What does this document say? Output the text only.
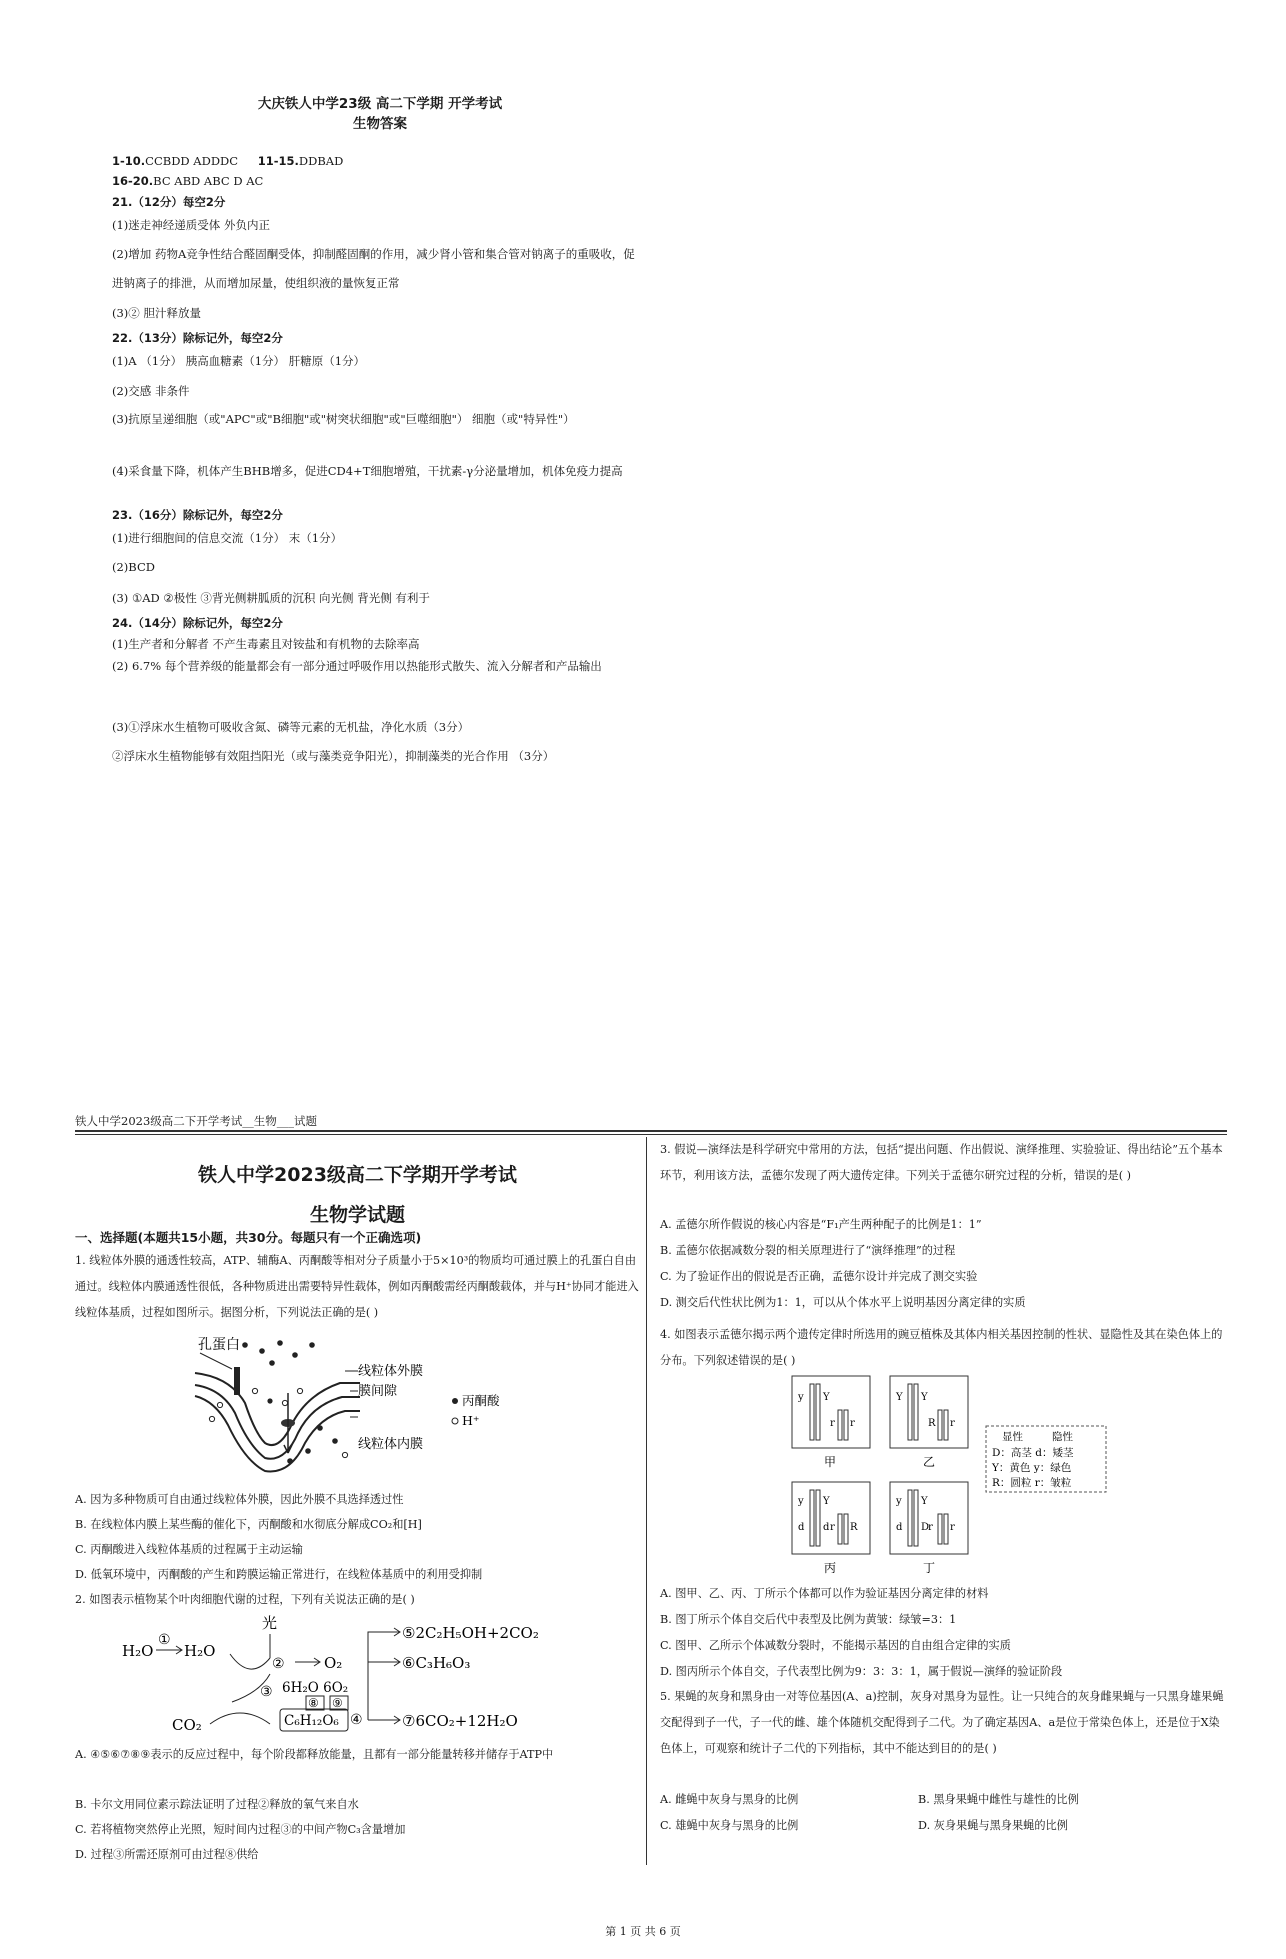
大庆铁人中学23级 高二下学期 开学考试
生物答案
1-10.CCBDD ADDDC 11-15.DDBAD
16-20.BC ABD ABC D AC
21.（12分）每空2分
(1)迷走神经递质受体 外负内正
(2)增加 药物A竞争性结合醛固酮受体，抑制醛固酮的作用，减少肾小管和集合管对钠离子的重吸收，促进钠离子的排泄，从而增加尿量，使组织液的量恢复正常
(3)② 胆汁释放量
22.（13分）除标记外，每空2分
(1)A （1分） 胰高血糖素（1分） 肝糖原（1分）
(2)交感 非条件
(3)抗原呈递细胞（或"APC"或"B细胞"或"树突状细胞"或"巨噬细胞"） 细胞（或"特异性"）
(4)采食量下降，机体产生BHB增多，促进CD4+T细胞增殖，干扰素-γ分泌量增加，机体免疫力提高
23.（16分）除标记外，每空2分
(1)进行细胞间的信息交流（1分） 末（1分）
(2)BCD
(3) ①AD ②极性 ③背光侧耕胍质的沉积 向光侧 背光侧 有利于
24.（14分）除标记外，每空2分
(1)生产者和分解者 不产生毒素且对铵盐和有机物的去除率高
(2) 6.7% 每个营养级的能量都会有一部分通过呼吸作用以热能形式散失、流入分解者和产品输出
(3)①浮床水生植物可吸收含氮、磷等元素的无机盐，净化水质（3分）
②浮床水生植物能够有效阻挡阳光（或与藻类竞争阳光），抑制藻类的光合作用 （3分）
铁人中学2023级高二下开学考试__生物___试题
铁人中学2023级高二下学期开学考试
生物学试题
一、选择题(本题共15小题，共30分。每题只有一个正确选项)
1. 线粒体外膜的通透性较高，ATP、辅酶A、丙酮酸等相对分子质量小于5×10³的物质均可通过膜上的孔蛋白自由通过。线粒体内膜通透性很低，各种物质进出需要特异性载体，例如丙酮酸需经丙酮酸载体，并与H⁺协同才能进入线粒体基质，过程如图所示。据图分析，下列说法正确的是( )
孔蛋白
线粒体外膜
膜间隙
线粒体内膜
丙酮酸
H⁺
A. 因为多种物质可自由通过线粒体外膜，因此外膜不具选择透过性
B. 在线粒体内膜上某些酶的催化下，丙酮酸和水彻底分解成CO₂和[H]
C. 丙酮酸进入线粒体基质的过程属于主动运输
D. 低氧环境中，丙酮酸的产生和跨膜运输正常进行，在线粒体基质中的利用受抑制
2. 如图表示植物某个叶肉细胞代谢的过程，下列有关说法正确的是( )
H₂O
①
H₂O
光
②	O₂
③
CO₂	C₆H₁₂O₆ ④
⑤2C₂H₅OH+2CO₂
⑥C₃H₆O₃
6H₂O 6O₂
⑧ ⑨
⑦6CO₂+12H₂O
A. ④⑤⑥⑦⑧⑨表示的反应过程中，每个阶段都释放能量，且都有一部分能量转移并储存于ATP中
B. 卡尔文用同位素示踪法证明了过程②释放的氧气来自水
C. 若将植物突然停止光照，短时间内过程③的中间产物C₃含量增加
D. 过程③所需还原剂可由过程⑧供给
3. 假说—演绎法是科学研究中常用的方法，包括“提出问题、作出假说、演绎推理、实验验证、得出结论”五个基本环节，利用该方法，孟德尔发现了两大遗传定律。下列关于孟德尔研究过程的分析，错误的是( )
A. 孟德尔所作假说的核心内容是“F₁产生两种配子的比例是1：1”
B. 孟德尔依据减数分裂的相关原理进行了“演绎推理”的过程
C. 为了验证作出的假说是否正确，孟德尔设计并完成了测交实验
D. 测交后代性状比例为1：1，可以从个体水平上说明基因分离定律的实质
4. 如图表示孟德尔揭示两个遗传定律时所选用的豌豆植株及其体内相关基因控制的性状、显隐性及其在染色体上的分布。下列叙述错误的是( )
y Y
r r
甲
Y Y
R r
乙
y Y
d d r R
丙
y Y
d D
r r
丁
显性	隐性
D：高茎 d：矮茎
Y：黄色 y：绿色
R：圆粒 r：皱粒
A. 图甲、乙、丙、丁所示个体都可以作为验证基因分离定律的材料
B. 图丁所示个体自交后代中表型及比例为黄皱：绿皱=3：1
C. 图甲、乙所示个体减数分裂时，不能揭示基因的自由组合定律的实质
D. 图丙所示个体自交，子代表型比例为9：3：3：1，属于假说—演绎的验证阶段
5. 果蝇的灰身和黑身由一对等位基因(A、a)控制，灰身对黑身为显性。让一只纯合的灰身雌果蝇与一只黑身雄果蝇交配得到子一代，子一代的雌、雄个体随机交配得到子二代。为了确定基因A、a是位于常染色体上，还是位于X染色体上，可观察和统计子二代的下列指标，其中不能达到目的的是( )
A. 雌蝇中灰身与黑身的比例	B. 黑身果蝇中雌性与雄性的比例
C. 雄蝇中灰身与黑身的比例	D. 灰身果蝇与黑身果蝇的比例
第 1 页 共 6 页
